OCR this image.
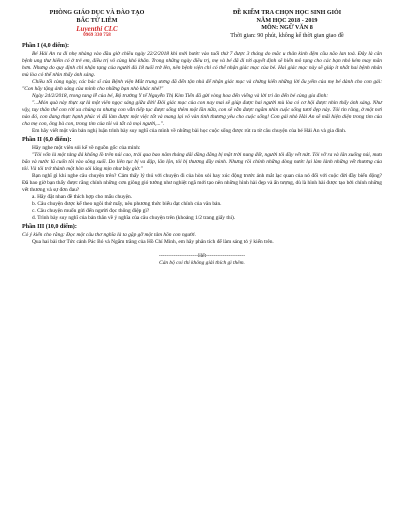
PHÒNG GIÁO DỤC VÀ ĐÀO TẠO
BẮC TỪ LIÊM
Luyenthi CLC
0969 330 758
ĐỀ KIỂM TRA CHỌN HỌC SINH GIỎI
NĂM HỌC 2018 - 2019
MÔN: NGỮ VĂN 8
Thời gian: 90 phút, không kể thời gian giao đề
Phần I (4,0 điểm):

Bé Hải An ra đi nhẹ nhàng vào đầu giờ chiều ngày 22/2/2018 khi mới bước vào tuổi thứ 7 được 3 tháng do mắc u thân kinh đệm cầu não lan toả. Đây là căn bệnh ung thư hiểm có ở trẻ em, điều trị vô cùng khó khăn. Trong những ngày điều trị, mẹ và bé đã đi tới quyết định sẽ hiến mô tạng cho các bạn nhỏ kém may mắn hơn. Nhưng do quy định chỉ nhận tạng của người đủ 18 tuổi trở lên, nên bệnh viện chỉ có thể nhận giác mạc của bé. Hai giác mạc này sẽ giúp ít nhất hai bệnh nhân mù lòa có thể nhìn thấy ánh sáng.

Chiều tối cùng ngày, các bác sĩ của Bệnh viện Mắt trung ương đã đến tận nhà để nhận giác mạc và chứng kiến những lời ấu yếm của mẹ bé dành cho con gái: "Con hãy tặng ánh sáng của mình cho những bạn nhỏ khác nhé!"

Ngày 24/2/2018, trong tang lễ của bé, Bộ trưởng Y tế Nguyễn Thị Kim Tiến đã gửi vòng hoa đến viếng và lời tri ân đến bé cùng gia đình:

"...Món quà này thực sự là một viên ngọc sáng giữa đời! Đôi giác mạc của con nay mai sẽ giúp được hai người mù lòa có cơ hội được nhìn thấy ánh sáng. Như vậy, tuy thân thể con rời xa chúng ta nhưng con vẫn tiếp tục được sống thêm một lần nữa, con sẽ vẫn được ngắm nhìn cuộc sống tươi đẹp này. Tôi tin rằng, ở một nơi nào đó, con đang thực hạnh phúc vì đã làm được một việc tốt và mang lại vô vàn tình thương yêu cho cuộc sống! Con gái nhỏ Hải An sẽ mãi hiện diện trong tim của cha mẹ con, ông bà con, trong tim của tôi và tất cả mọi người,...".

Em hãy viết một văn bản nghị luận trình bày suy nghĩ của mình về những bài học cuộc sống được rút ra từ câu chuyện của bé Hải An và gia đình.

Phần II (6,0 điểm):

Hãy nghe một viên sỏi kể về nguồn gốc của mình:

"Tôi vốn là một tảng đá khổng lồ trên núi cao, trải qua bao năm tháng dãi dầng đắng bị mặt trời nung đốt, người tôi đầy vết nứt. Tôi vỡ ra và lăn xuống núi, mưa bão và nước lũ cuốn tôi vào sông suối. Do liên tục bị va đập, lăn lộn, tôi bị thương đầy mình. Nhưng rồi chính những dòng nước lại làm lành những vết thương của tôi. Và tôi trở thành một hòn sỏi láng mịn như bây giờ."

Bạn nghĩ gì khi nghe câu chuyện trên? Cảm thấy lý thú với chuyện đi của hòn sỏi hay xúc động trước ánh mắt lạc quan của nó đối với cuộc đời đầy biến động? Đã bao giờ bạn thấy được rằng chính những cơn giông gió tưởng như nghiệt ngã mới tạo nên những hình hài đẹp và ấn tượng, dù là hình hài được tạo bởi chính những vết thương và sự đơn đau?

a. Hãy đặt nhan đề thích hợp cho mẩu chuyện.

b. Câu chuyện được kể theo ngôi thứ mấy, nêu phương thức biểu đạt chính của văn bản.

c. Câu chuyện muốn gửi đến người đọc thông điệp gì?

d. Trình bày suy nghĩ của bản thân về ý nghĩa của câu chuyện trên (khoảng 1/2 trang giấy thi).

Phần III (10,0 điểm):

Có ý kiến cho rằng: Đọc một câu thơ nghĩa là ta gặp gỡ một tâm hồn con người.

Qua hai bài thơ Tức cảnh Pác Bó và Ngắm trăng của Hồ Chí Minh, em hãy phân tích để làm sáng tỏ ý kiến trên.

---------------------Hết---------------------
Cán bộ coi thi không giải thích gì thêm.
